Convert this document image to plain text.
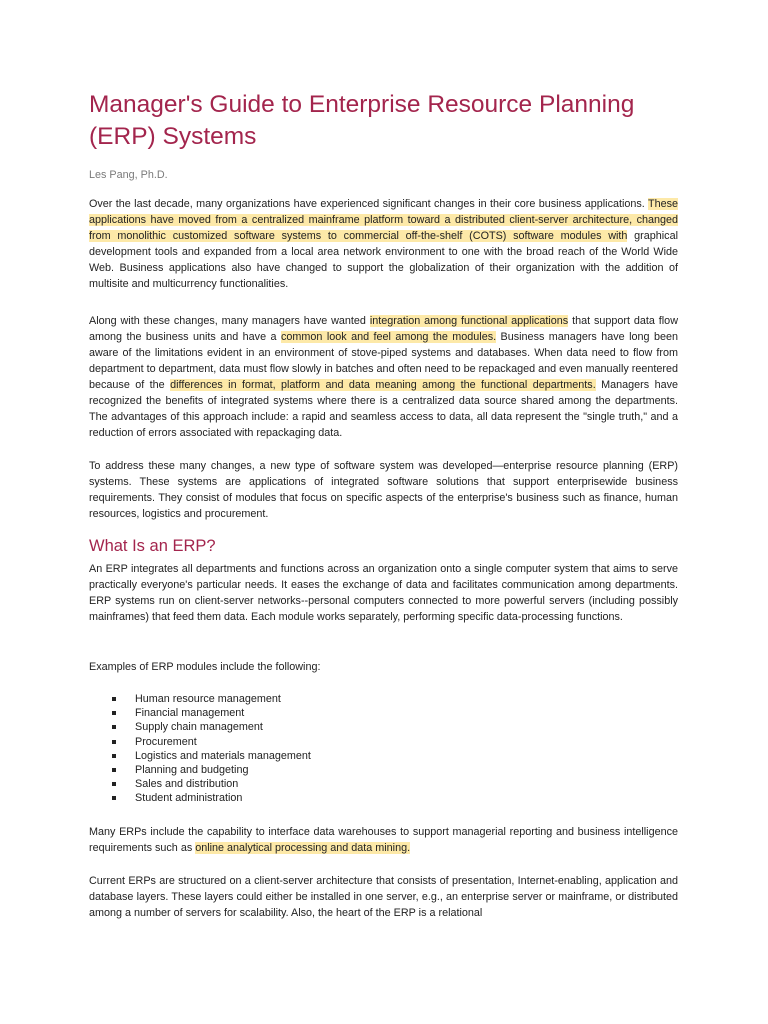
Manager's Guide to Enterprise Resource Planning (ERP) Systems
Les Pang, Ph.D.

Over the last decade, many organizations have experienced significant changes in their core business applications. These applications have moved from a centralized mainframe platform toward a distributed client-server architecture, changed from monolithic customized software systems to commercial off-the-shelf (COTS) software modules with graphical development tools and expanded from a local area network environment to one with the broad reach of the World Wide Web. Business applications also have changed to support the globalization of their organization with the addition of multisite and multicurrency functionalities.

Along with these changes, many managers have wanted integration among functional applications that support data flow among the business units and have a common look and feel among the modules. Business managers have long been aware of the limitations evident in an environment of stove-piped systems and databases. When data need to flow from department to department, data must flow slowly in batches and often need to be repackaged and even manually reentered because of the differences in format, platform and data meaning among the functional departments. Managers have recognized the benefits of integrated systems where there is a centralized data source shared among the departments. The advantages of this approach include: a rapid and seamless access to data, all data represent the "single truth," and a reduction of errors associated with repackaging data.

To address these many changes, a new type of software system was developed—enterprise resource planning (ERP) systems. These systems are applications of integrated software solutions that support enterprisewide business requirements. They consist of modules that focus on specific aspects of the enterprise's business such as finance, human resources, logistics and procurement.

What Is an ERP?

An ERP integrates all departments and functions across an organization onto a single computer system that aims to serve practically everyone's particular needs. It eases the exchange of data and facilitates communication among departments. ERP systems run on client-server networks--personal computers connected to more powerful servers (including possibly mainframes) that feed them data. Each module works separately, performing specific data-processing functions.

Examples of ERP modules include the following:

Human resource management
Financial management
Supply chain management
Procurement
Logistics and materials management
Planning and budgeting
Sales and distribution
Student administration

Many ERPs include the capability to interface data warehouses to support managerial reporting and business intelligence requirements such as online analytical processing and data mining.

Current ERPs are structured on a client-server architecture that consists of presentation, Internet-enabling, application and database layers. These layers could either be installed in one server, e.g., an enterprise server or mainframe, or distributed among a number of servers for scalability. Also, the heart of the ERP is a relational
